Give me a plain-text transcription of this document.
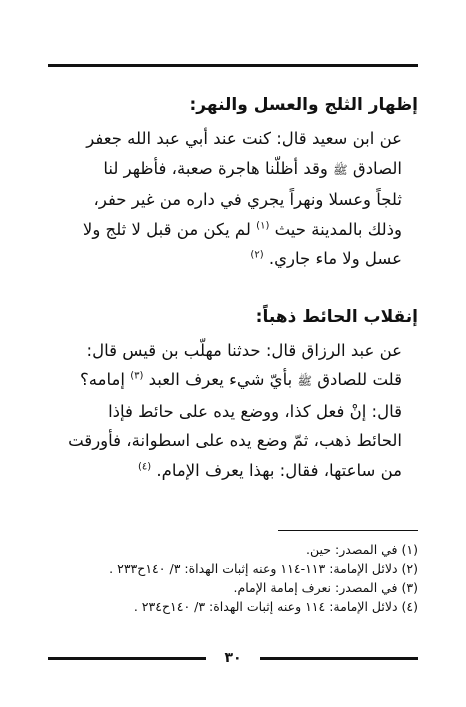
إظهار الثلج والعسل والنهر:

عن ابن سعيد قال: كنت عند أبي عبد الله جعفر

الصادق ﷺ وقد أظلّنا هاجرة صعبة، فأظهر لنا

ثلجاً وعسلا ونهراً يجري في داره من غير حفر،

وذلك بالمدينة حيث $^{(١)}$ لم يكن من قبل لا ثلج ولا

عسل ولا ماء جاري. $^{(٢)}$

إنقلاب الحائط ذهباً:

عن عبد الرزاق قال: حدثنا مهلّب بن قيس قال:

قلت للصادق ﷺ بأيّ شيء يعرف العبد $^{(٣)}$ إمامه؟

قال: إنْ فعل كذا، ووضع يده على حائط فإذا

الحائط ذهب، ثمّ وضع يده على اسطوانة، فأورقت

من ساعتها، فقال: بهذا يعرف الإمام. $^{(٤)}$

(١) في المصدر: حين.

(٢) دلائل الإمامة: ١١٣-١١٤ وعنه إثبات الهداة: ٣/ ١٤٠ح٢٣٣ .

(٣) في المصدر: نعرف إمامة الإمام.

(٤) دلائل الإمامة: ١١٤ وعنه إثبات الهداة: ٣/ ١٤٠ح٢٣٤ .

٣٠
